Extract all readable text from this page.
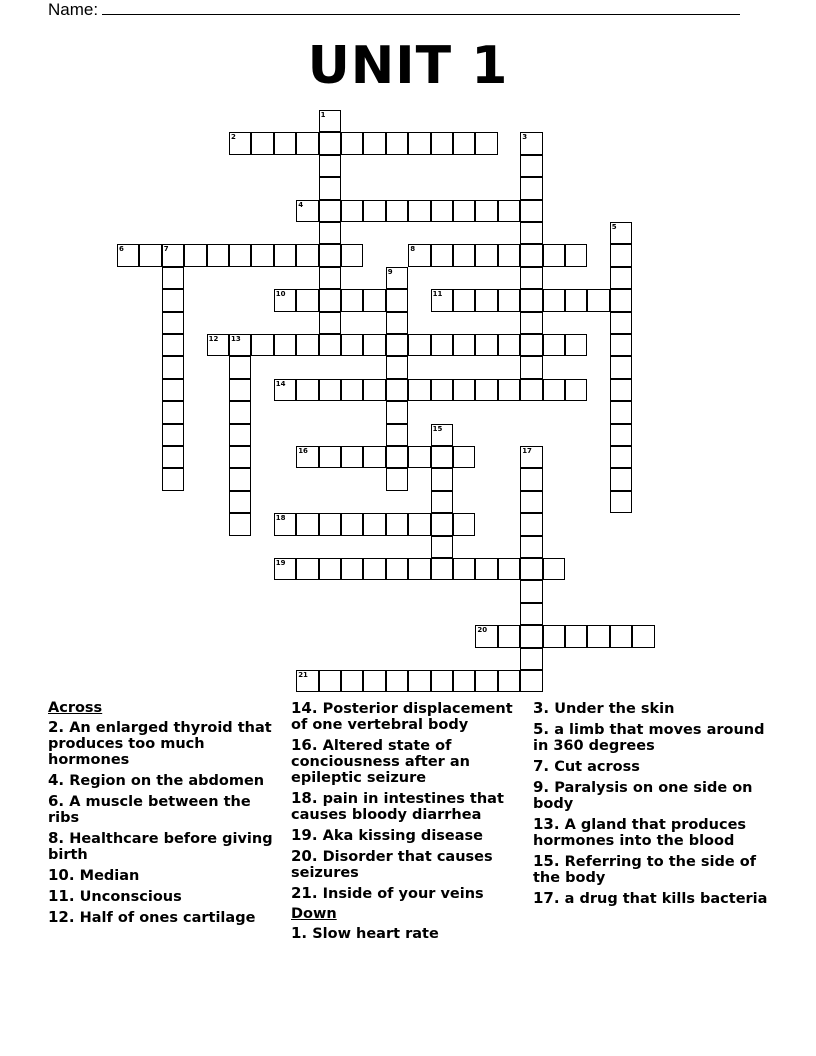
Name:
UNIT 1
1
2	3
4
5
6	7	8
9
10	11
12 13
14
15
16	17
18
19
20
21
Across
2. An enlarged thyroid that produces too much hormones
4. Region on the abdomen
6. A muscle between the ribs
8. Healthcare before giving birth
10. Median
11. Unconscious
12. Half of ones cartilage
14. Posterior displacement of one vertebral body
16. Altered state of conciousness after an epileptic seizure
18. pain in intestines that causes bloody diarrhea
19. Aka kissing disease
20. Disorder that causes seizures
21. Inside of your veins
Down
1. Slow heart rate
3. Under the skin
5. a limb that moves around in 360 degrees
7. Cut across
9. Paralysis on one side on body
13. A gland that produces hormones into the blood
15. Referring to the side of the body
17. a drug that kills bacteria
